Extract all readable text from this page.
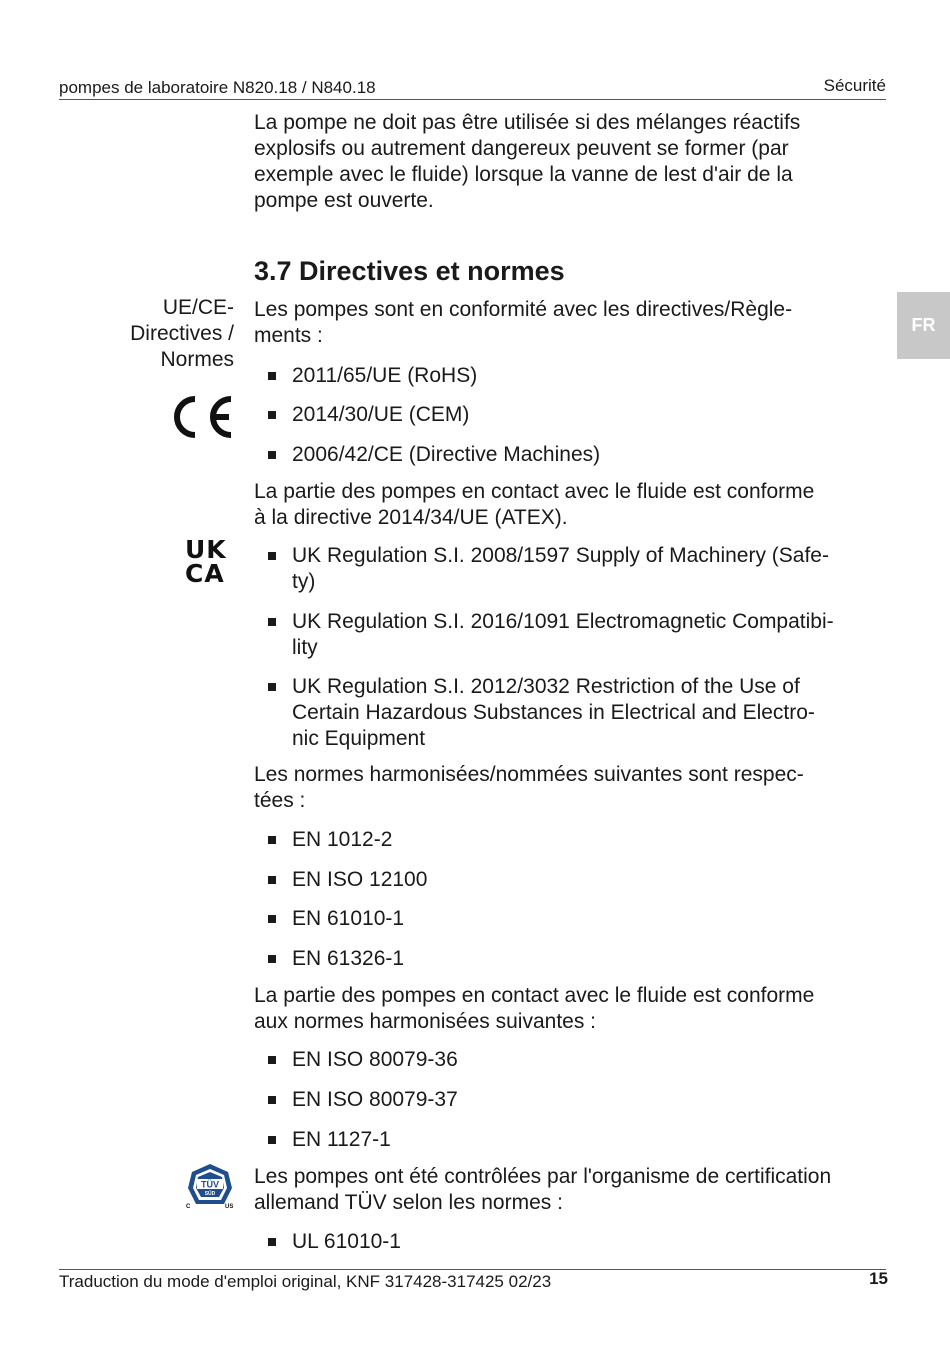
pompes de laboratoire N820.18 / N840.18	Sécurité
FR
La pompe ne doit pas être utilisée si des mélanges réactifs
explosifs ou autrement dangereux peuvent se former (par
exemple avec le fluide) lorsque la vanne de lest d'air de la
pompe est ouverte.
3.7 Directives et normes
UE/CE-
Directives /
Normes
Les pompes sont en conformité avec les directives/Règle-
ments :
2011/65/UE (RoHS)
2014/30/UE (CEM)
2006/42/CE (Directive Machines)
La partie des pompes en contact avec le fluide est conforme
à la directive 2014/34/UE (ATEX).
UK
CA
UK Regulation S.I. 2008/1597 Supply of Machinery (Safe-
ty)
UK Regulation S.I. 2016/1091 Electromagnetic Compatibi-
lity
UK Regulation S.I. 2012/3032 Restriction of the Use of
Certain Hazardous Substances in Electrical and Electro-
nic Equipment
Les normes harmonisées/nommées suivantes sont respec-
tées :
EN 1012-2
EN ISO 12100
EN 61010-1
EN 61326-1
La partie des pompes en contact avec le fluide est conforme
aux normes harmonisées suivantes :
EN ISO 80079-36
EN ISO 80079-37
EN 1127-1
TÜV
SÜD
C	US
Les pompes ont été contrôlées par l'organisme de certification
allemand TÜV selon les normes :
UL 61010-1
Traduction du mode d'emploi original, KNF 317428-317425 02/23	15
